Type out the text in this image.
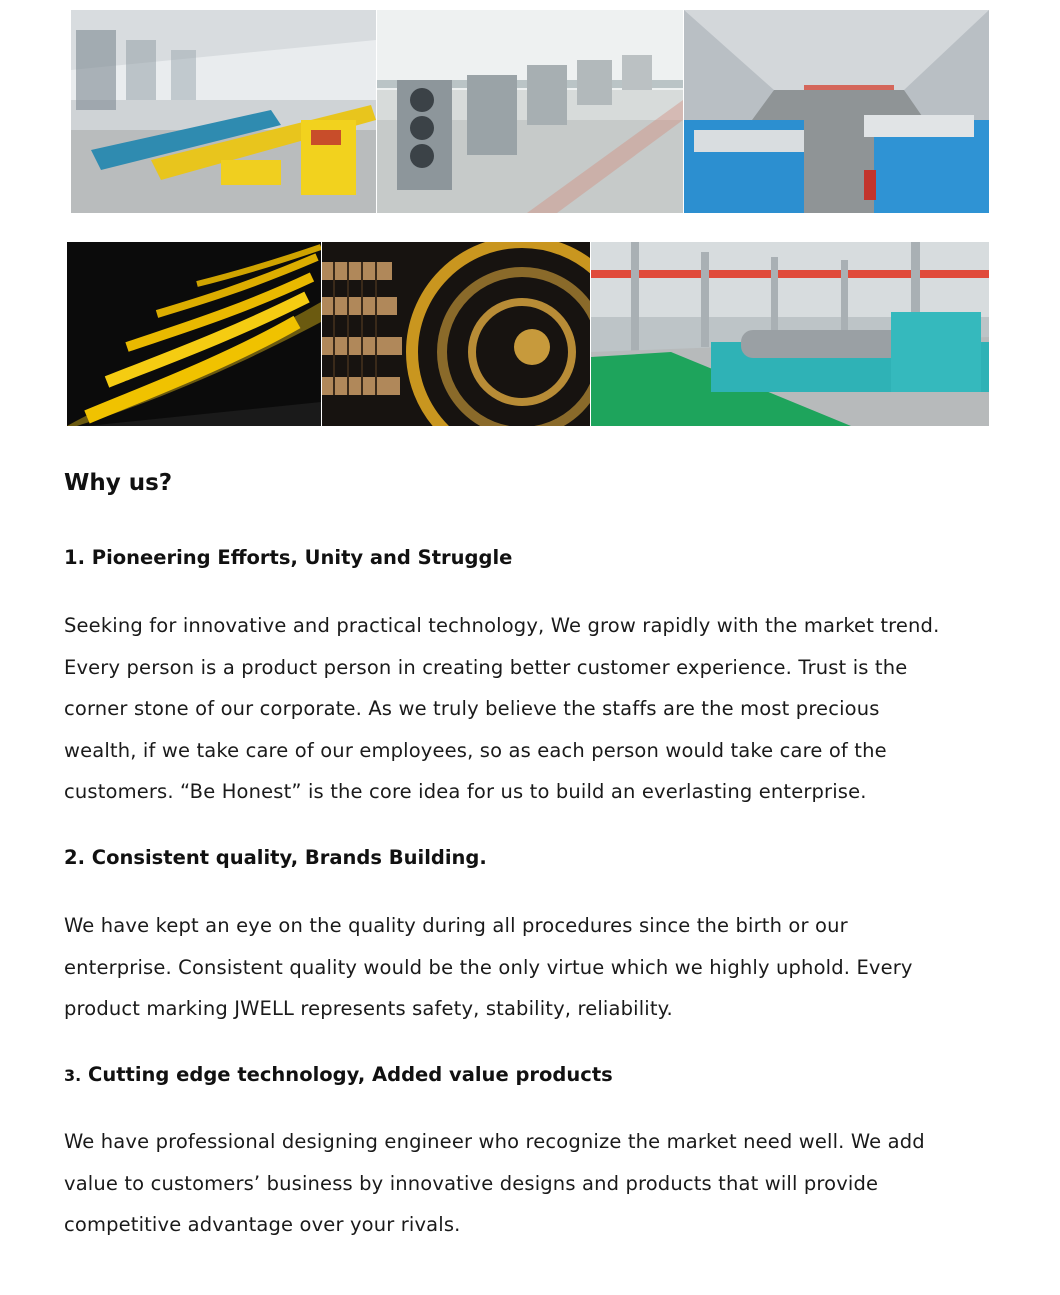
Why us?
1. Pioneering Efforts, Unity and Struggle

Seeking for innovative and practical technology, We grow rapidly with the market trend.
Every person is a product person in creating better customer experience. Trust is the
corner stone of our corporate. As we truly believe the staffs are the most precious
wealth, if we take care of our employees, so as each person would take care of the
customers. “Be Honest” is the core idea for us to build an everlasting enterprise.

2. Consistent quality, Brands Building.

We have kept an eye on the quality during all procedures since the birth or our
enterprise. Consistent quality would be the only virtue which we highly uphold. Every
product marking JWELL represents safety, stability, reliability.

3. Cutting edge technology, Added value products

We have professional designing engineer who recognize the market need well. We add
value to customers’ business by innovative designs and products that will provide
competitive advantage over your rivals.
